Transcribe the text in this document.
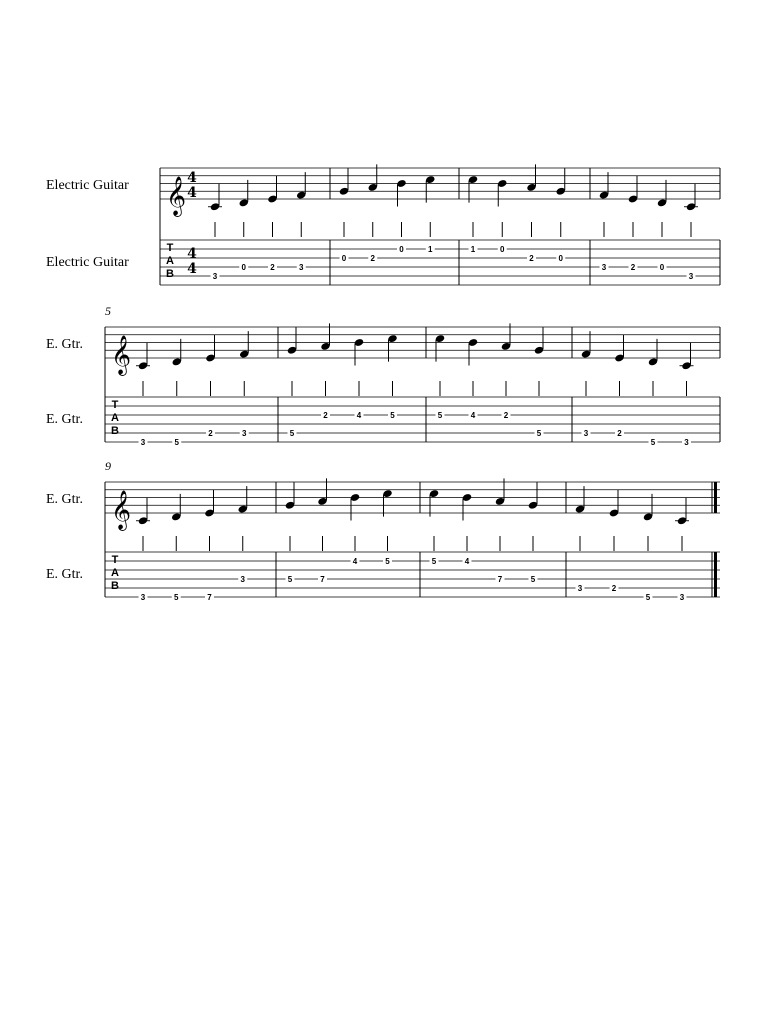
Electric Guitar
Electric Guitar
𝄞
T
A
B
4
4
4
4 3
0	2	3
0	2
0	1	1	0
2	0
3	2	0
3
E. Gtr.
E. Gtr.
5
𝄞
T
A
B
3	5
2	3	5
2	4	5	5	4	2
5	3	2
5	3
E. Gtr.
E. Gtr.
9
𝄞
T
A
B
3	5	7
3	5	7
4	5	5	4
7	5
3	2
5	3
